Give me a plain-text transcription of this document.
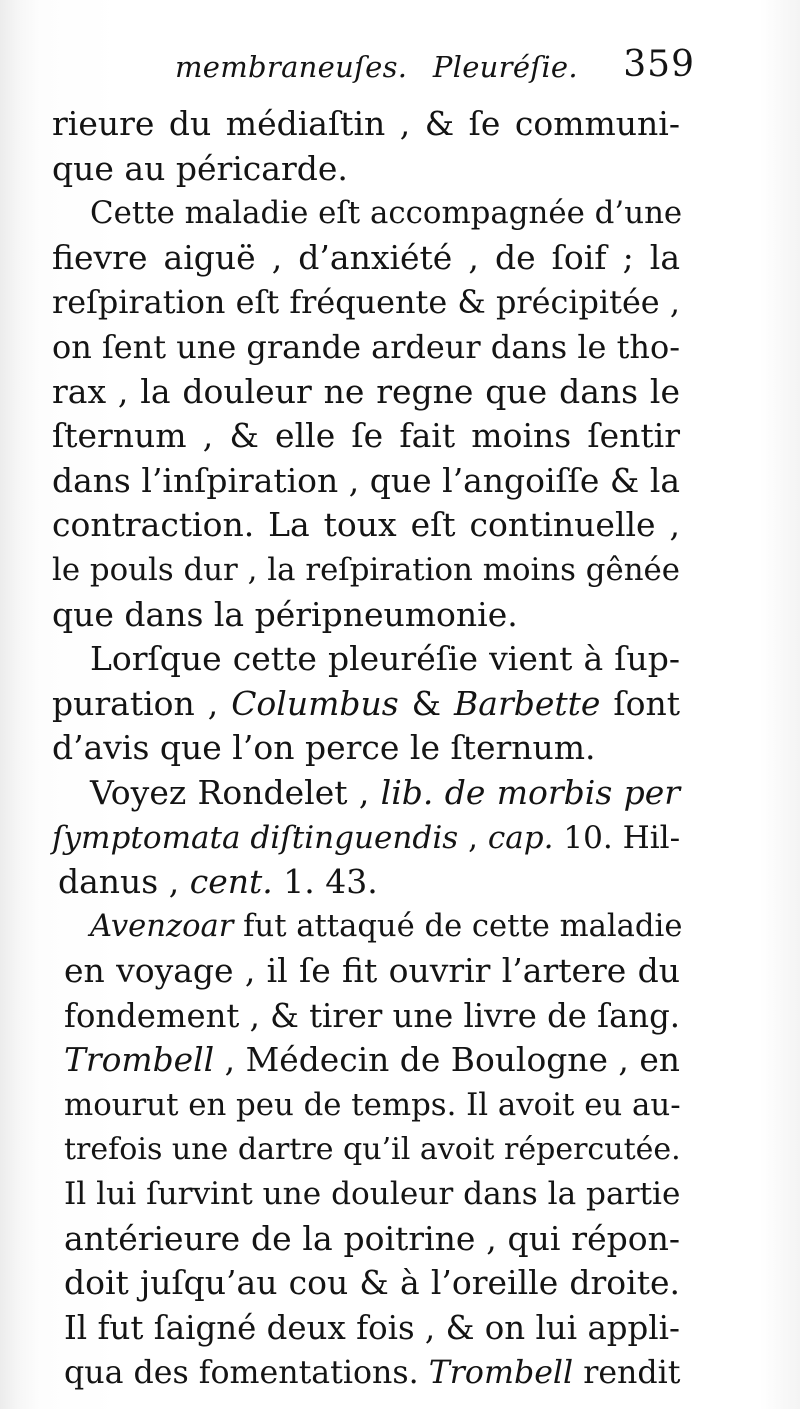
membraneuſes. Pleuréſie. 359
rieure du médiaſtin , & ſe communi-
que au péricarde.
Cette maladie eſt accompagnée d’une
fievre aiguë , d’anxiété , de ſoif ; la
reſpiration eſt fréquente & précipitée ,
on ſent une grande ardeur dans le tho-
rax , la douleur ne regne que dans le
ſternum , & elle ſe fait moins ſentir
dans l’inſpiration , que l’angoiſſe & la
contraction. La toux eſt continuelle ,
le pouls dur , la reſpiration moins gênée
que dans la péripneumonie.
Lorſque cette pleuréſie vient à ſup-
puration , Columbus & Barbette ſont
d’avis que l’on perce le ſternum.
Voyez Rondelet , lib. de morbis per
ſymptomata diſtinguendis , cap. 10. Hil-
danus , cent. 1. 43.
Avenzoar fut attaqué de cette maladie
en voyage , il ſe fit ouvrir l’artere du
fondement , & tirer une livre de ſang.
Trombell , Médecin de Boulogne , en
mourut en peu de temps. Il avoit eu au-
trefois une dartre qu’il avoit répercutée.
Il lui ſurvint une douleur dans la partie
antérieure de la poitrine , qui répon-
doit juſqu’au cou & à l’oreille droite.
Il fut ſaigné deux fois , & on lui appli-
qua des fomentations. Trombell rendit
